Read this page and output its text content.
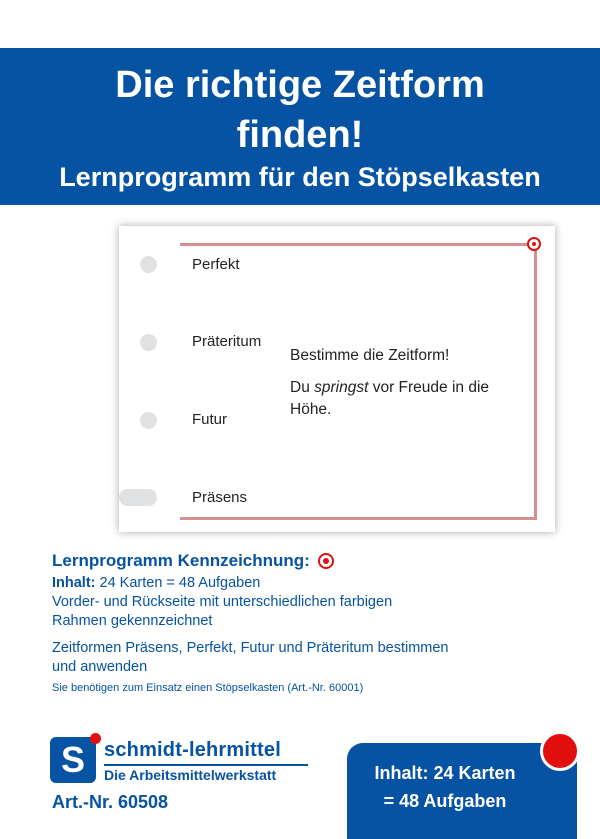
Die richtige Zeitform
finden!
Lernprogramm für den Stöpselkasten
Perfekt
Präteritum
Futur
Präsens
Bestimme die Zeitform!
Du springst vor Freude in die Höhe.
Lernprogramm Kennzeichnung:
Inhalt: 24 Karten = 48 Aufgaben
Vorder- und Rückseite mit unterschiedlichen farbigen
Rahmen gekennzeichnet
Zeitformen Präsens, Perfekt, Futur und Präteritum bestimmen
und anwenden
Sie benötigen zum Einsatz einen Stöpselkasten (Art.-Nr. 60001)
S schmidt-lehrmittel
Die Arbeitsmittelwerkstatt
Art.-Nr. 60508
Inhalt: 24 Karten
= 48 Aufgaben
